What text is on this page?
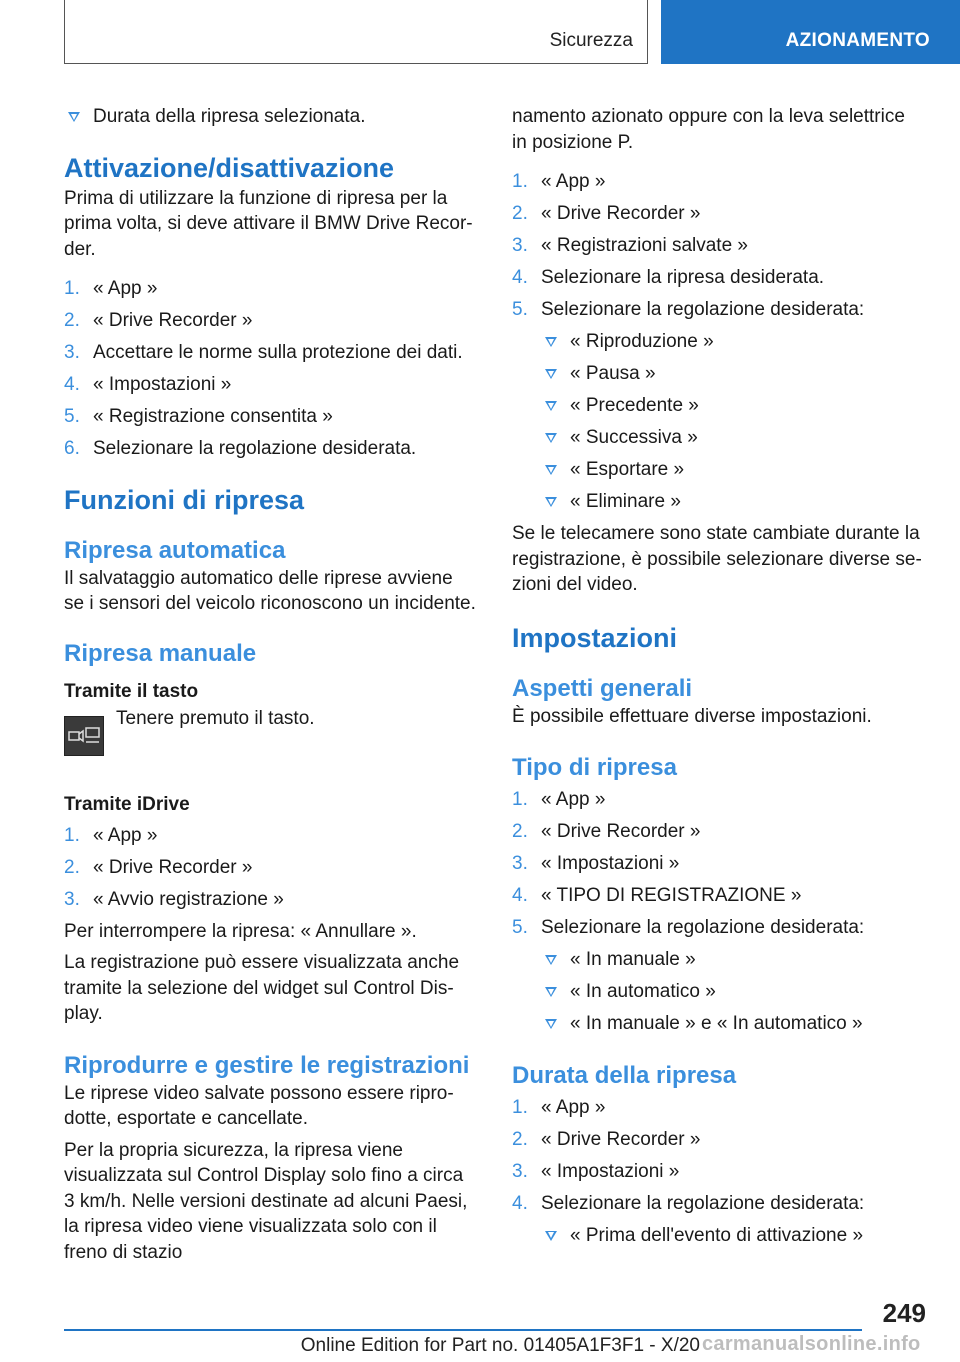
Sicurezza	AZIONAMENTO
Durata della ripresa selezionata.
Attivazione/disattivazione

Prima di utilizzare la funzione di ripresa per la prima volta, si deve attivare il BMW Drive Recorder.

1. « App »
2. « Drive Recorder »
3. Accettare le norme sulla protezione dei dati.
4. « Impostazioni »
5. « Registrazione consentita »
6. Selezionare la regolazione desiderata.
Funzioni di ripresa
Ripresa automatica

Il salvataggio automatico delle riprese avviene se i sensori del veicolo riconoscono un incidente.

Ripresa manuale
Tramite il tasto
Tenere premuto il tasto.
Tramite iDrive
1. « App »
2. « Drive Recorder »
3. « Avvio registrazione »

Per interrompere la ripresa: « Annullare ».

La registrazione può essere visualizzata anche tramite la selezione del widget sul Control Display.

Riprodurre e gestire le registrazioni

Le riprese video salvate possono essere riprodotte, esportate e cancellate.

Per la propria sicurezza, la ripresa viene visualizzata sul Control Display solo fino a circa 3 km/h. Nelle versioni destinate ad alcuni Paesi, la ripresa video viene visualizzata solo con il freno di stazio

namento azionato oppure con la leva selettrice in posizione P.

1. « App »
2. « Drive Recorder »
3. « Registrazioni salvate »
4. Selezionare la ripresa desiderata.
5. Selezionare la regolazione desiderata:
« Riproduzione »
« Pausa »
« Precedente »
« Successiva »
« Esportare »
« Eliminare »

Se le telecamere sono state cambiate durante la registrazione, è possibile selezionare diverse sezioni del video.

Impostazioni
Aspetti generali

È possibile effettuare diverse impostazioni.

Tipo di ripresa
1. « App »
2. « Drive Recorder »
3. « Impostazioni »
4. « TIPO DI REGISTRAZIONE »
5. Selezionare la regolazione desiderata:
« In manuale »
« In automatico »
« In manuale » e « In automatico »
Durata della ripresa
1. « App »
2. « Drive Recorder »
3. « Impostazioni »
4. Selezionare la regolazione desiderata:
« Prima dell'evento di attivazione »
249
Online Edition for Part no. 01405A1F3F1 - X/20 carmanualsonline.info
